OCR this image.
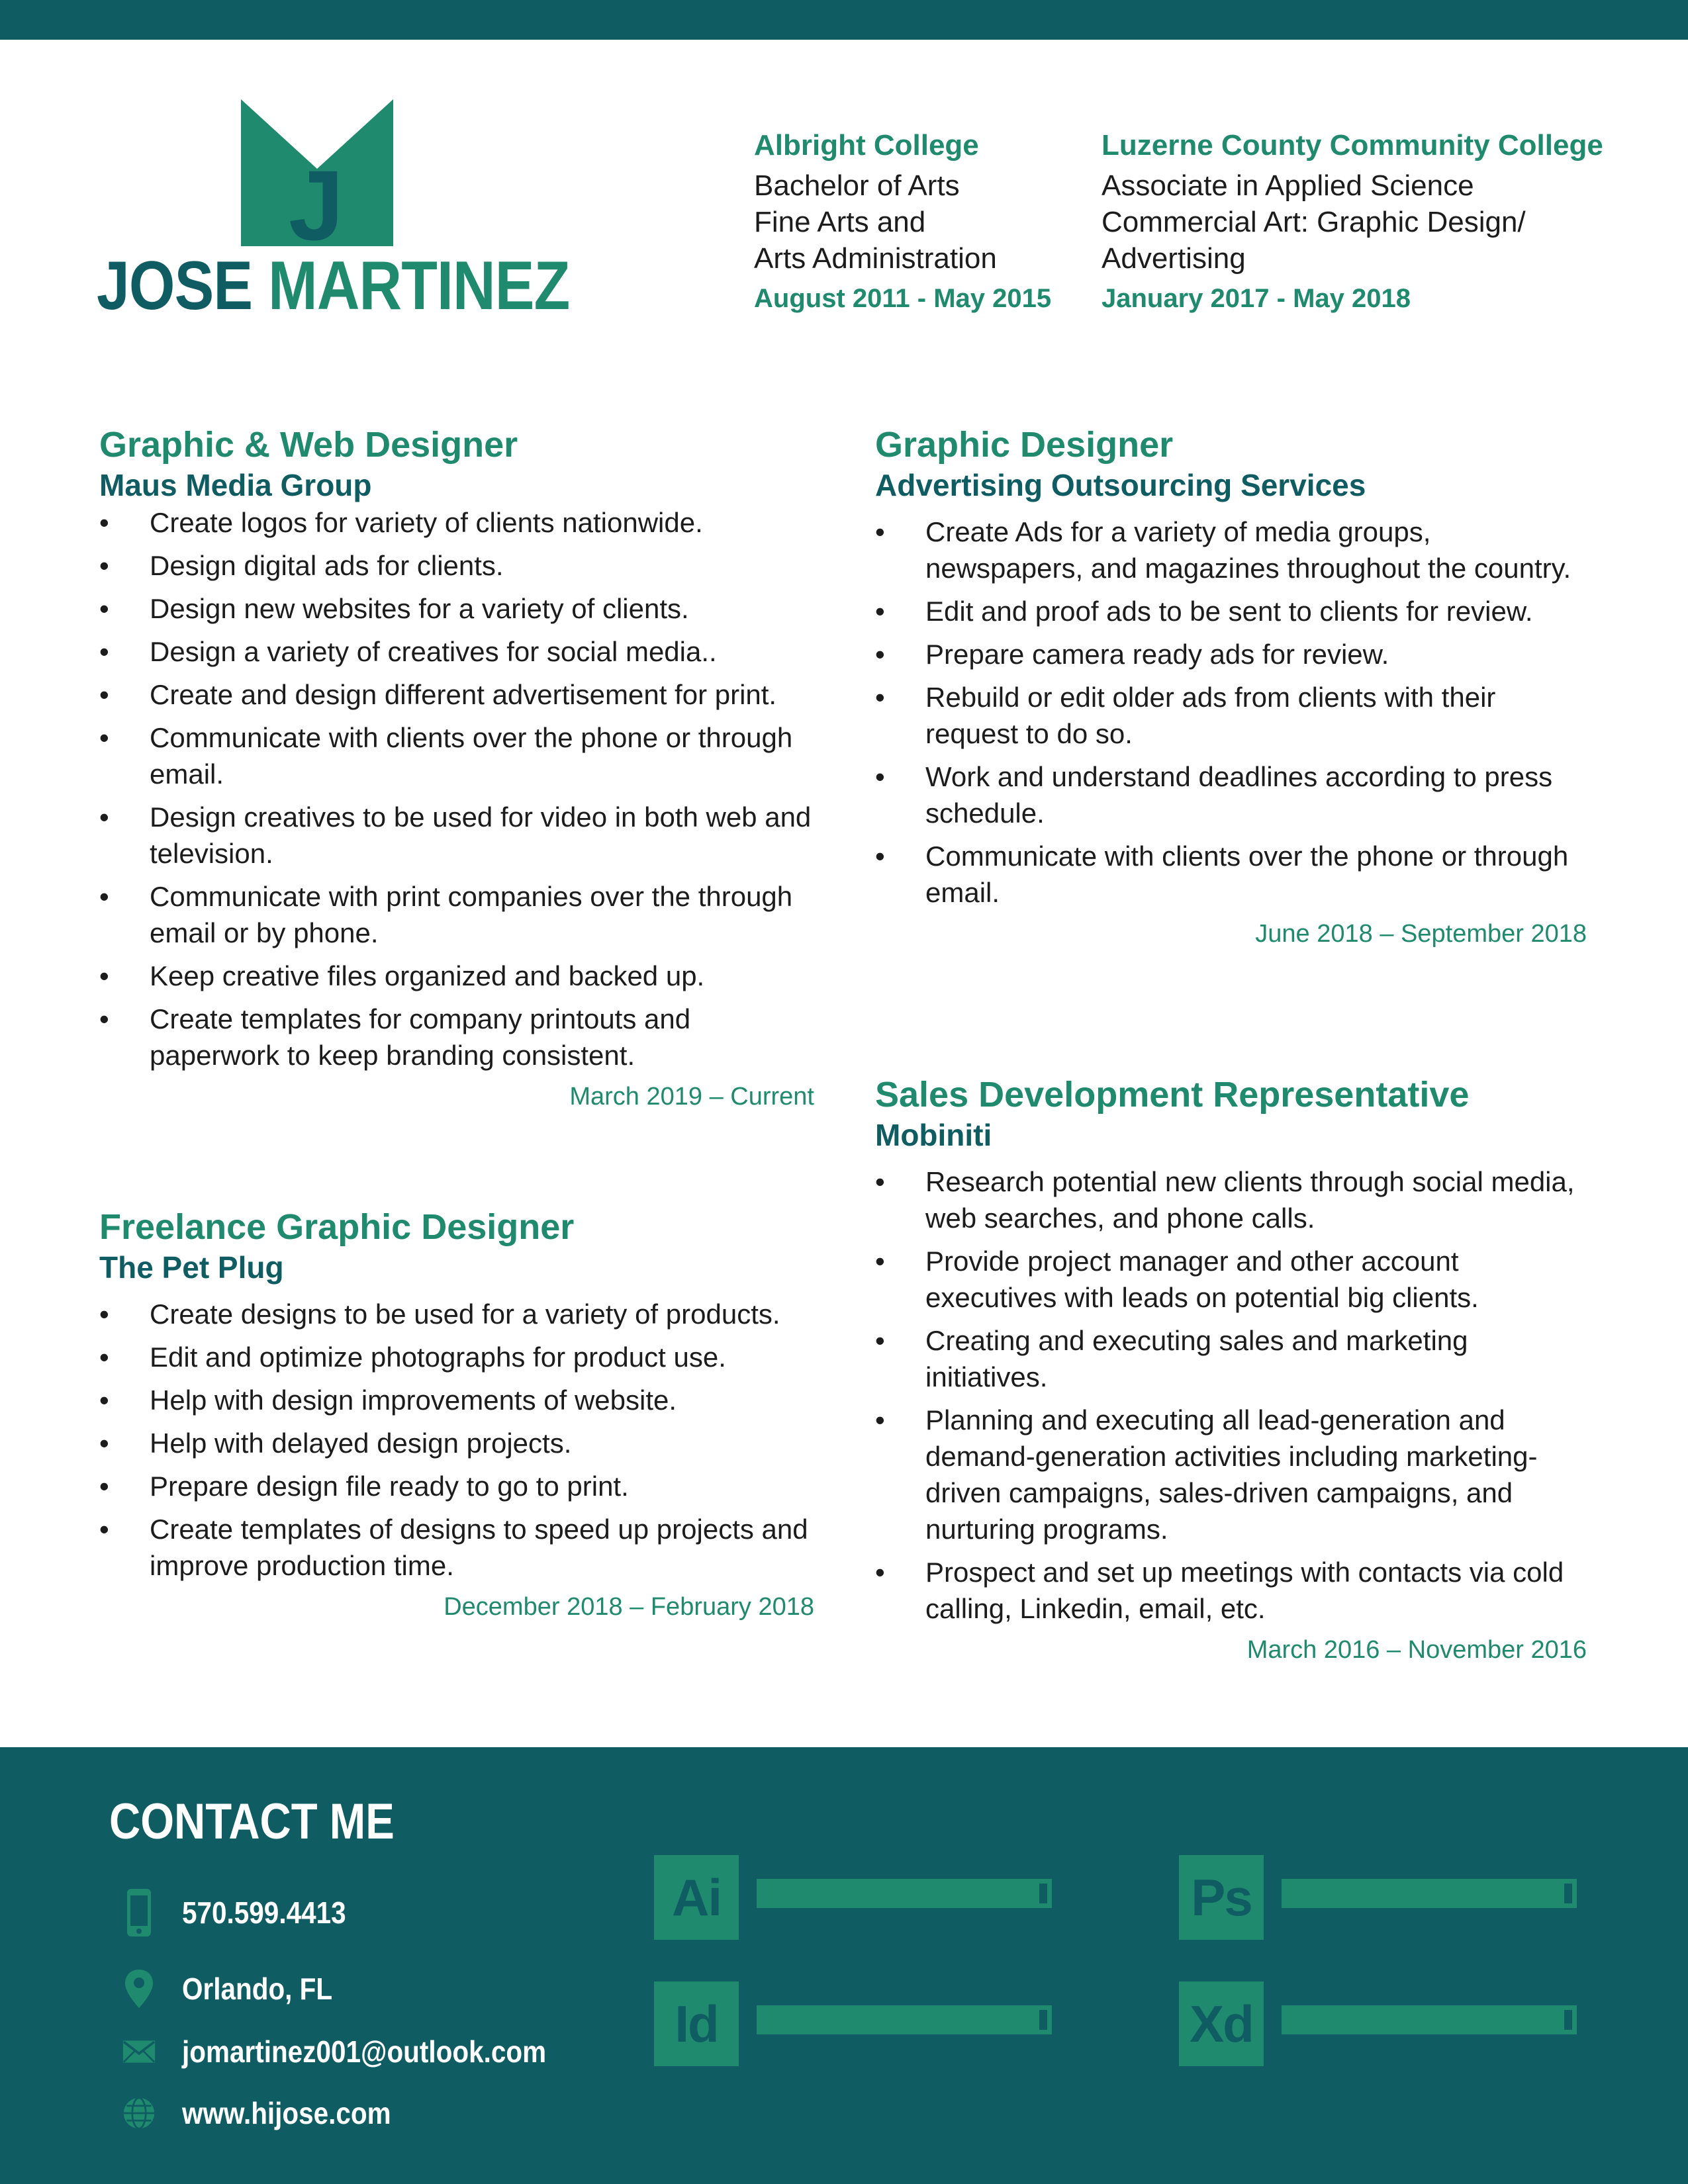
J
JOSE MARTINEZ
Albright College
Bachelor of Arts
Fine Arts and
Arts Administration
August 2011 - May 2015
Luzerne County Community College
Associate in Applied Science
Commercial Art: Graphic Design/
Advertising
January 2017 - May 2018
Graphic & Web Designer
Maus Media Group
• Create logos for variety of clients nationwide.
• Design digital ads for clients.
• Design new websites for a variety of clients.
• Design a variety of creatives for social media..
• Create and design different advertisement for print.
• Communicate with clients over the phone or through email.
• Design creatives to be used for video in both web and television.
• Communicate with print companies over the through email or by phone.
• Keep creative files organized and backed up.
• Create templates for company printouts and paperwork to keep branding consistent.
March 2019 – Current
Freelance Graphic Designer
The Pet Plug
• Create designs to be used for a variety of products.
• Edit and optimize photographs for product use.
• Help with design improvements of website.
• Help with delayed design projects.
• Prepare design file ready to go to print.
• Create templates of designs to speed up projects and improve production time.
December 2018 – February 2018
Graphic Designer
Advertising Outsourcing Services
• Create Ads for a variety of media groups, newspapers, and magazines throughout the country.
• Edit and proof ads to be sent to clients for review.
• Prepare camera ready ads for review.
• Rebuild or edit older ads from clients with their request to do so.
• Work and understand deadlines according to press schedule.
• Communicate with clients over the phone or through email.
June 2018 – September 2018
Sales Development Representative
Mobiniti
• Research potential new clients through social media, web searches, and phone calls.
• Provide project manager and other account executives with leads on potential big clients.
• Creating and executing sales and marketing initiatives.
• Planning and executing all lead-generation and demand-generation activities including marketing-driven campaigns, sales-driven campaigns, and nurturing programs.
• Prospect and set up meetings with contacts via cold calling, Linkedin, email, etc.
March 2016 – November 2016
CONTACT ME
570.599.4413
Orlando, FL
jomartinez001@outlook.com
www.hijose.com
Ai	Ps
Id	Xd
